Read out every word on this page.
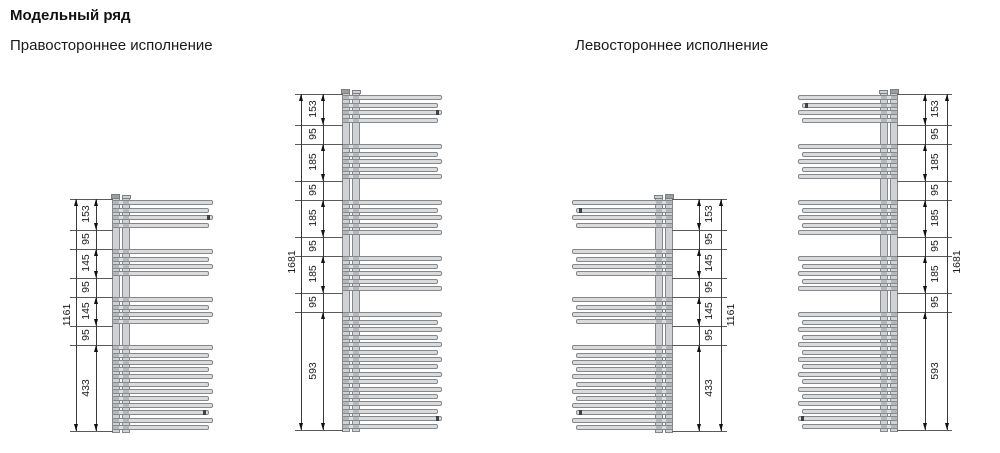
Модельный ряд
Правостороннее исполнение	Левостороннее исполнение
153
95
145
95
145
95
433
1161
153
95
185
95
185
95
185
95
593
1681
153
95
145
95
145
95
433
1161
153
95
185
95
185
95
185
95
593
1681
